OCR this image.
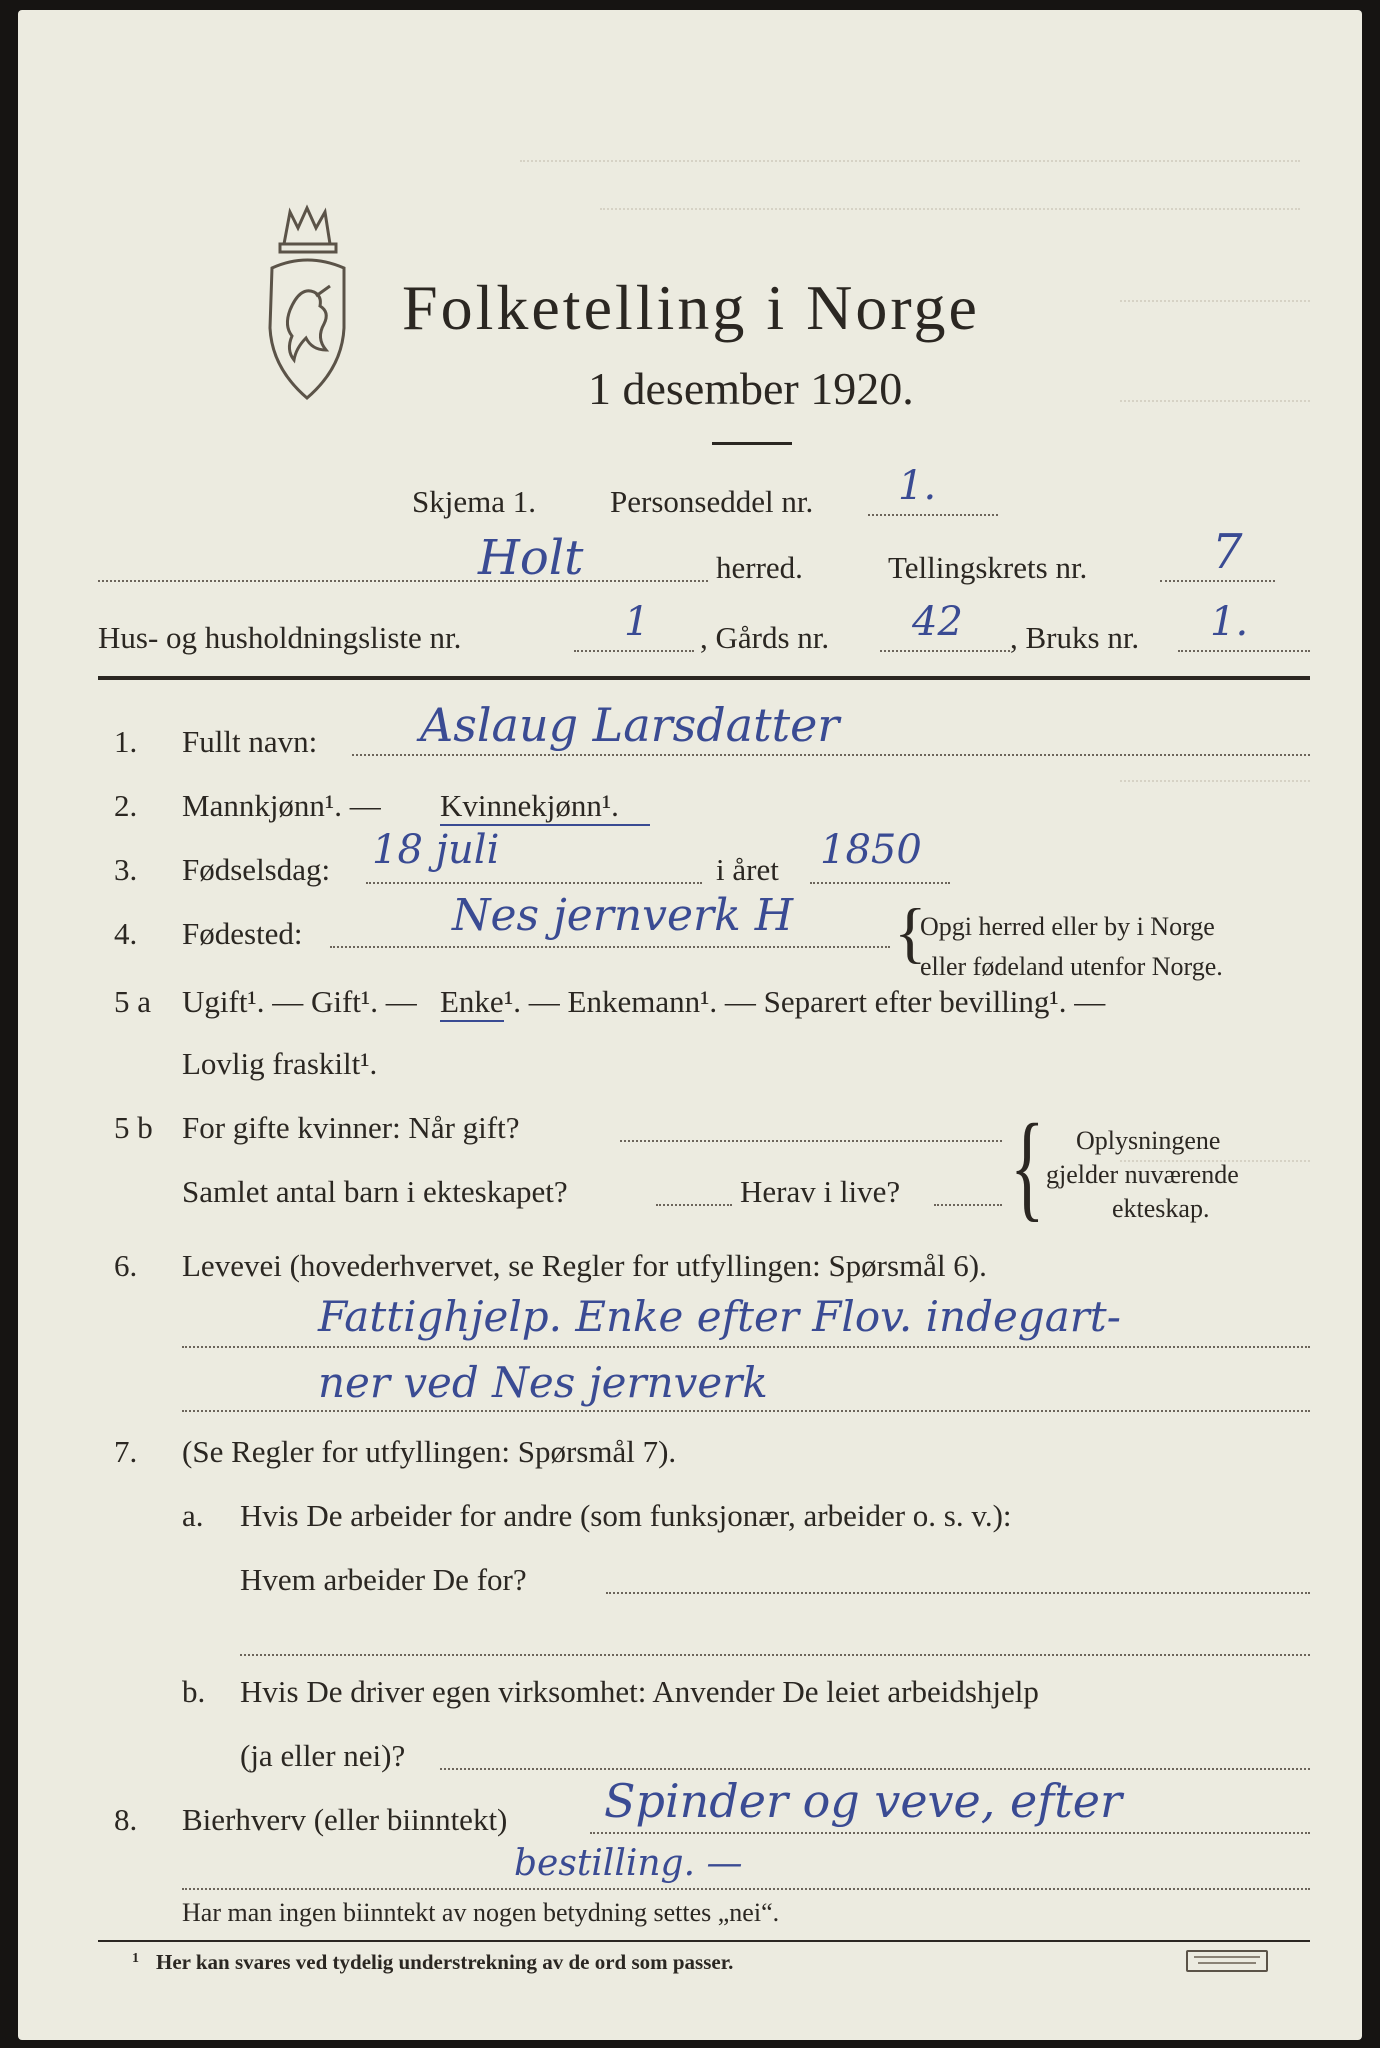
Folketelling i Norge
1 desember 1920.
Skjema 1. Personseddel nr. 1.
Holt	herred.	Tellingskrets nr.	7
Hus- og husholdningsliste nr.	1 , Gårds nr. 42 , Bruks nr. 1.
1. Fullt navn: Aslaug Larsdatter
2. Mannkjønn¹. — Kvinnekjønn¹.
3. Fødselsdag: 18 juli	i året 1850
4. Fødested:	Nes jernverk H {
Opgi herred eller by i Norge
eller fødeland utenfor Norge.
5 a Ugift¹. — Gift¹. — Enke ¹. — Enkemann¹. — Separert efter bevilling¹. —
Lovlig fraskilt¹.
5 b For gifte kvinner: Når gift?
Samlet antal barn i ekteskapet?	Herav i live? { Oplysningene
gjelder nuværende
ekteskap.
6. Levevei (hovederhvervet, se Regler for utfyllingen: Spørsmål 6).
Fattighjelp. Enke efter Flov. indegart-
ner ved Nes jernverk
7. (Se Regler for utfyllingen: Spørsmål 7).
a. Hvis De arbeider for andre (som funksjonær, arbeider o. s. v.):
Hvem arbeider De for?
b. Hvis De driver egen virksomhet: Anvender De leiet arbeidshjelp
(ja eller nei)?
8. Bierhverv (eller biinntekt) Spinder og veve, efter
bestilling. —
Har man ingen biinntekt av nogen betydning settes „nei“.
1 Her kan svares ved tydelig understrekning av de ord som passer.
